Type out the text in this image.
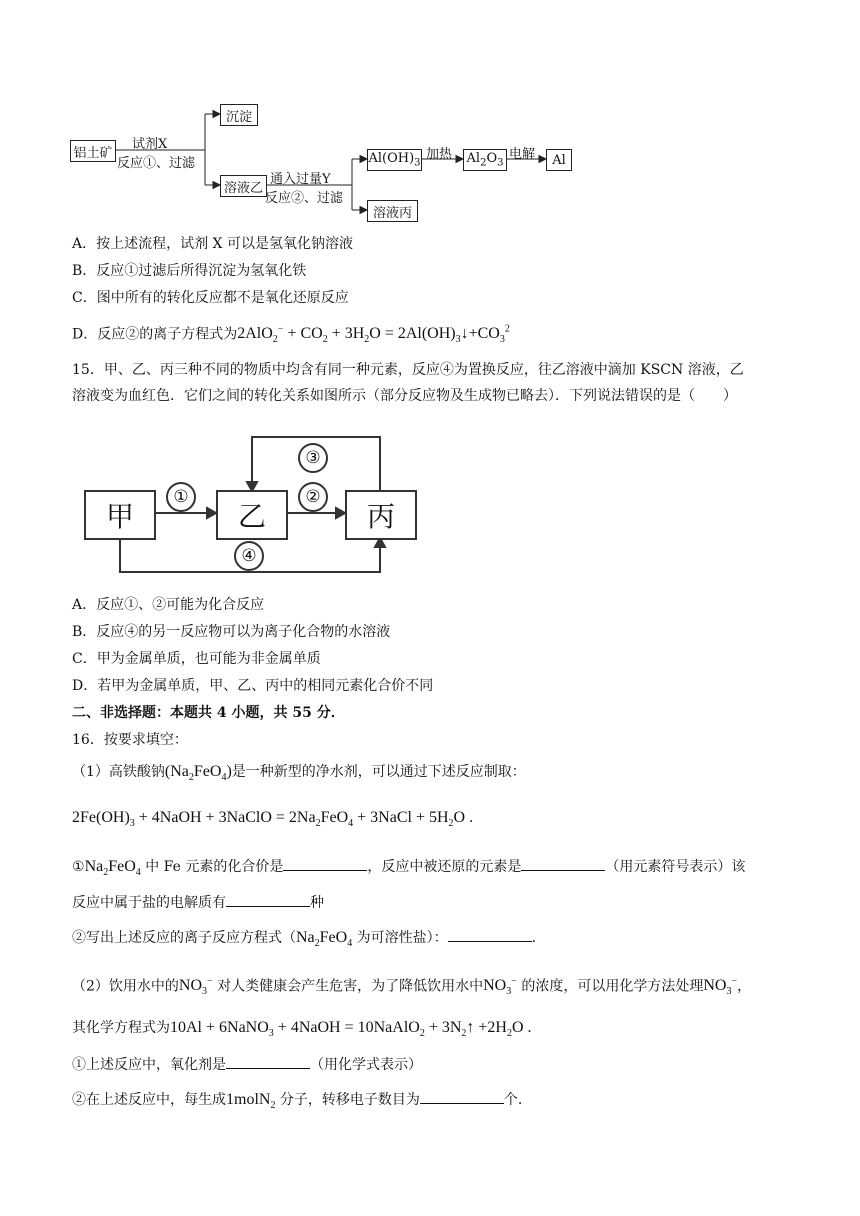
铝土矿
试剂X
反应①、过滤
沉淀
溶液乙
通入过量Y
反应②、过滤
$Al(OH)_3$
加热 $Al_2O_3$
电解 Al
溶液丙
A．按上述流程，试剂 X 可以是氢氧化钠溶液
B．反应①过滤后所得沉淀为氢氧化铁
C．图中所有的转化反应都不是氧化还原反应
D．反应②的离子方程式为$2AlO_2^- + CO_2 + 3H_2O$ = $2Al(OH)_3↓+CO_3^2$
15．甲、乙、丙三种不同的物质中均含有同一种元素，反应④为置换反应，往乙溶液中滴加 KSCN 溶液，乙
溶液变为血红色．它们之间的转化关系如图所示（部分反应物及生成物已略去）．下列说法错误的是（　　）
甲	乙	丙
①	②
③
④
A．反应①、②可能为化合反应
B．反应④的另一反应物可以为离子化合物的水溶液
C．甲为金属单质，也可能为非金属单质
D．若甲为金属单质，甲、乙、丙中的相同元素化合价不同
二、非选择题：本题共 4 小题，共 55 分．
16．按要求填空：
（1）高铁酸钠$(Na_2FeO_4)$是一种新型的净水剂，可以通过下述反应制取：
$2Fe(OH)_3$ + 4NaOH + 3NaClO = $2Na_2FeO_4$ + 3NaCl + $5H_2O$ .
$①Na_2FeO_4$ 中 Fe 元素的化合价是	，反应中被还原的元素是	（用元素符号表示）该
反应中属于盐的电解质有	种
②写出上述反应的离子反应方程式（$Na_2FeO_4$ 为可溶性盐）：	.
（2）饮用水中的$NO_3^-$ 对人类健康会产生危害，为了降低饮用水中$NO_3^-$ 的浓度，可以用化学方法处理$NO_3^-$，
其化学方程式为10Al + 6NaNO$_3$ + 4NaOH = 10NaAlO$_2$ + $3N_2↑ +2H_2O$ .
①上述反应中，氧化剂是	（用化学式表示）
②在上述反应中，每生成1molN$_2$ 分子，转移电子数目为	个.
